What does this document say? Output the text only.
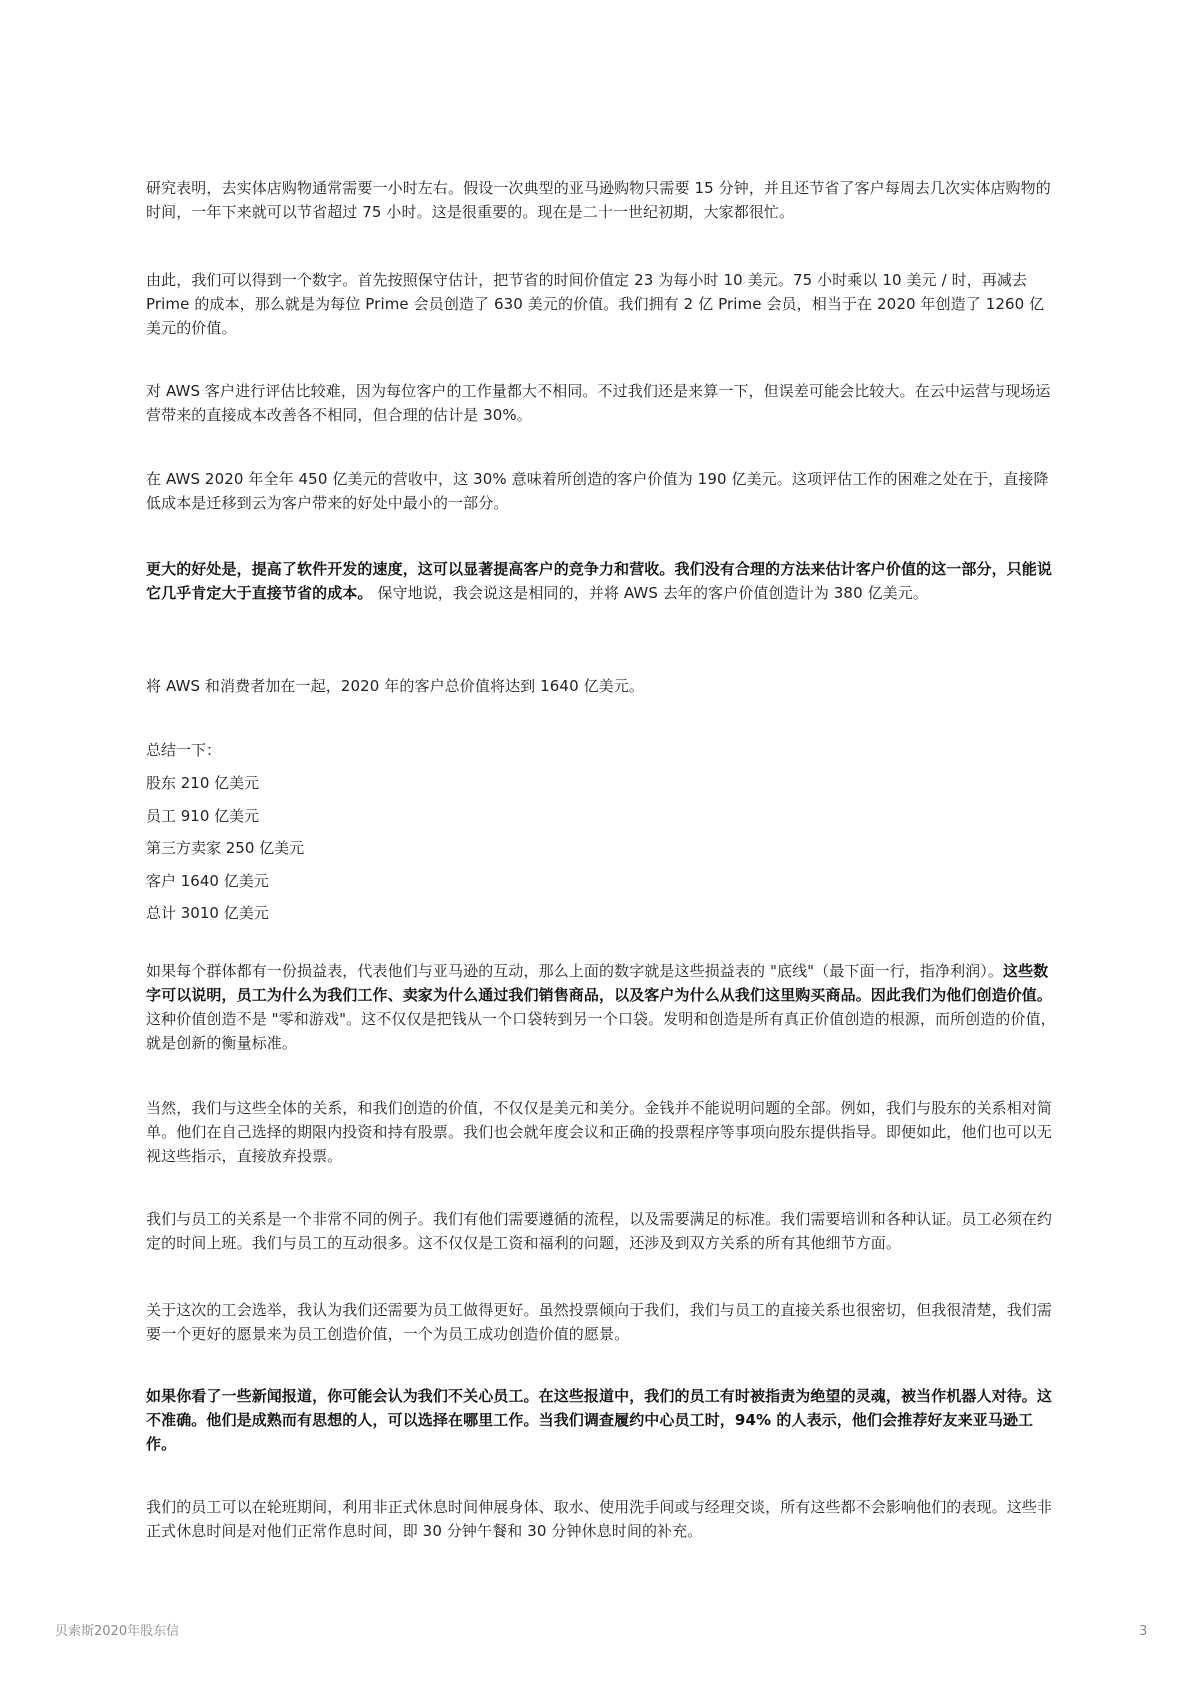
研究表明，去实体店购物通常需要一小时左右。假设一次典型的亚马逊购物只需要 15 分钟，并且还节省了客户每周去几次实体店购物的时间，一年下来就可以节省超过 75 小时。这是很重要的。现在是二十一世纪初期，大家都很忙。

由此，我们可以得到一个数字。首先按照保守估计，把节省的时间价值定 23 为每小时 10 美元。75 小时乘以 10 美元 / 时，再减去 Prime 的成本，那么就是为每位 Prime 会员创造了 630 美元的价值。我们拥有 2 亿 Prime 会员，相当于在 2020 年创造了 1260 亿美元的价值。

对 AWS 客户进行评估比较难，因为每位客户的工作量都大不相同。不过我们还是来算一下，但误差可能会比较大。在云中运营与现场运营带来的直接成本改善各不相同，但合理的估计是 30%。

在 AWS 2020 年全年 450 亿美元的营收中，这 30% 意味着所创造的客户价值为 190 亿美元。这项评估工作的困难之处在于，直接降低成本是迁移到云为客户带来的好处中最小的一部分。

更大的好处是，提高了软件开发的速度，这可以显著提高客户的竞争力和营收。我们没有合理的方法来估计客户价值的这一部分，只能说它几乎肯定大于直接节省的成本。 保守地说，我会说这是相同的，并将 AWS 去年的客户价值创造计为 380 亿美元。

将 AWS 和消费者加在一起，2020 年的客户总价值将达到 1640 亿美元。

总结一下：

股东 210 亿美元

员工 910 亿美元

第三方卖家 250 亿美元

客户 1640 亿美元

总计 3010 亿美元

如果每个群体都有一份损益表，代表他们与亚马逊的互动，那么上面的数字就是这些损益表的 "底线"（最下面一行，指净利润）。这些数字可以说明，员工为什么为我们工作、卖家为什么通过我们销售商品，以及客户为什么从我们这里购买商品。因此我们为他们创造价值。 这种价值创造不是 "零和游戏"。这不仅仅是把钱从一个口袋转到另一个口袋。发明和创造是所有真正价值创造的根源，而所创造的价值，就是创新的衡量标准。

当然，我们与这些全体的关系，和我们创造的价值，不仅仅是美元和美分。金钱并不能说明问题的全部。例如，我们与股东的关系相对简单。他们在自己选择的期限内投资和持有股票。我们也会就年度会议和正确的投票程序等事项向股东提供指导。即便如此，他们也可以无视这些指示，直接放弃投票。

我们与员工的关系是一个非常不同的例子。我们有他们需要遵循的流程，以及需要满足的标准。我们需要培训和各种认证。员工必须在约定的时间上班。我们与员工的互动很多。这不仅仅是工资和福利的问题，还涉及到双方关系的所有其他细节方面。

关于这次的工会选举，我认为我们还需要为员工做得更好。虽然投票倾向于我们，我们与员工的直接关系也很密切，但我很清楚，我们需要一个更好的愿景来为员工创造价值，一个为员工成功创造价值的愿景。

如果你看了一些新闻报道，你可能会认为我们不关心员工。在这些报道中，我们的员工有时被指责为绝望的灵魂，被当作机器人对待。这不准确。他们是成熟而有思想的人，可以选择在哪里工作。当我们调查履约中心员工时，94% 的人表示，他们会推荐好友来亚马逊工作。

我们的员工可以在轮班期间，利用非正式休息时间伸展身体、取水、使用洗手间或与经理交谈，所有这些都不会影响他们的表现。这些非正式休息时间是对他们正常作息时间，即 30 分钟午餐和 30 分钟休息时间的补充。

贝索斯2020年股东信	3
